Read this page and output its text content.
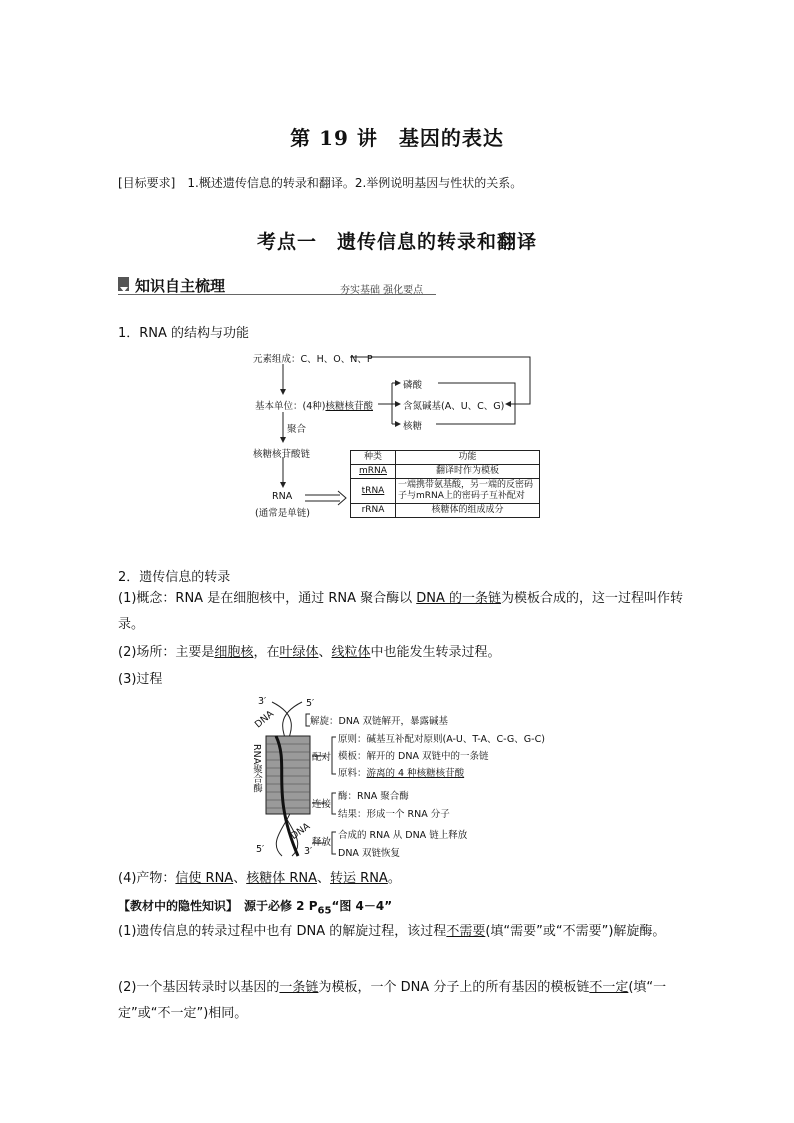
第 19 讲　基因的表达
[目标要求]　1.概述遗传信息的转录和翻译。2.举例说明基因与性状的关系。
考点一　遗传信息的转录和翻译
知识自主梳理	夯实基础 强化要点
1．RNA 的结构与功能
元素组成：C、H、O、N、P
基本单位：(4种)核糖核苷酸
磷酸
含氮碱基(A、U、C、G)
核糖
聚合
核糖核苷酸链
RNA
(通常是单链)
种类	功能
mRNA	翻译时作为模板
tRNA	一端携带氨基酸，另一端的反密码子与mRNA上的密码子互补配对
rRNA	核糖体的组成成分
2．遗传信息的转录
(1)概念：RNA 是在细胞核中，通过 RNA 聚合酶以 DNA 的一条链为模板合成的，这一过程叫作转录。
(2)场所：主要是细胞核，在叶绿体、线粒体中也能发生转录过程。
(3)过程
3′	5′
DNA
RNA聚合酶
DNA
5′	3′
解旋：DNA 双链解开，暴露碱基
配对
原则：碱基互补配对原则(A-U、T-A、C-G、G-C)
模板：解开的 DNA 双链中的一条链
原料：游离的 4 种核糖核苷酸
连接
酶：RNA 聚合酶
结果：形成一个 RNA 分子
释放
合成的 RNA 从 DNA 链上释放
DNA 双链恢复
(4)产物：信使 RNA、核糖体 RNA、转运 RNA。
【教材中的隐性知识】　源于必修 2 $P_{65}“$图 4－4”
(1)遗传信息的转录过程中也有 DNA 的解旋过程，该过程不需要(填“需要”或“不需要”)解旋酶。
(2)一个基因转录时以基因的一条链为模板，一个 DNA 分子上的所有基因的模板链不一定(填“一定”或“不一定”)相同。
